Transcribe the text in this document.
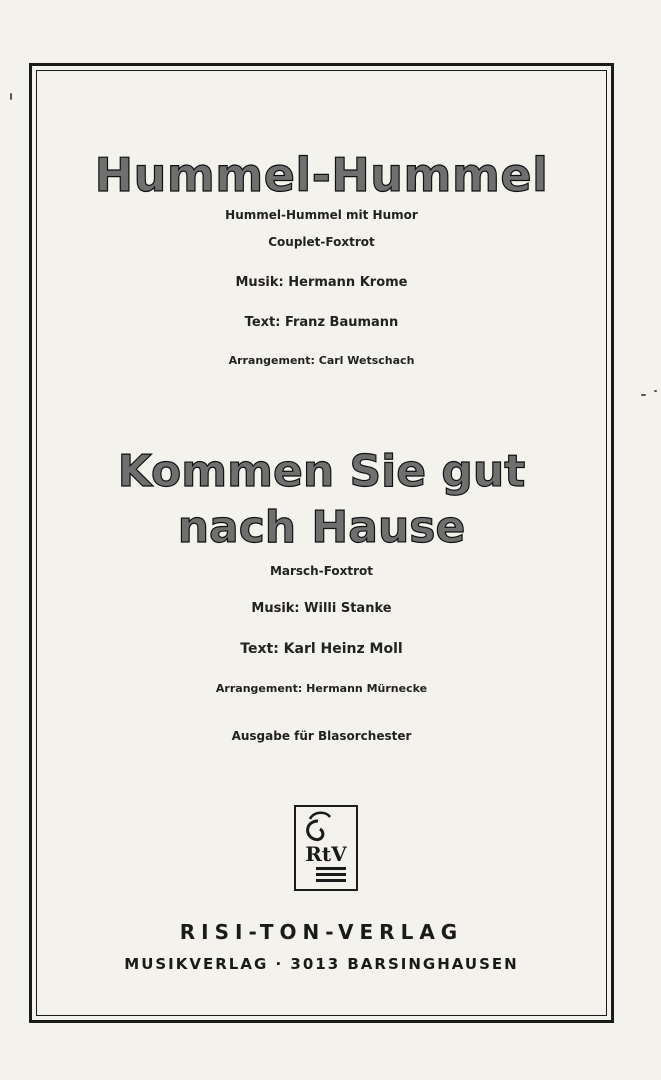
Hummel-Hummel
Hummel-Hummel mit Humor
Couplet-Foxtrot
Musik: Hermann Krome
Text: Franz Baumann
Arrangement: Carl Wetschach
Kommen Sie gut
nach Hause
Marsch-Foxtrot
Musik: Willi Stanke
Text: Karl Heinz Moll
Arrangement: Hermann Mürnecke
Ausgabe für Blasorchester
RtV
RISI-TON-VERLAG
MUSIKVERLAG · 3013 BARSINGHAUSEN
